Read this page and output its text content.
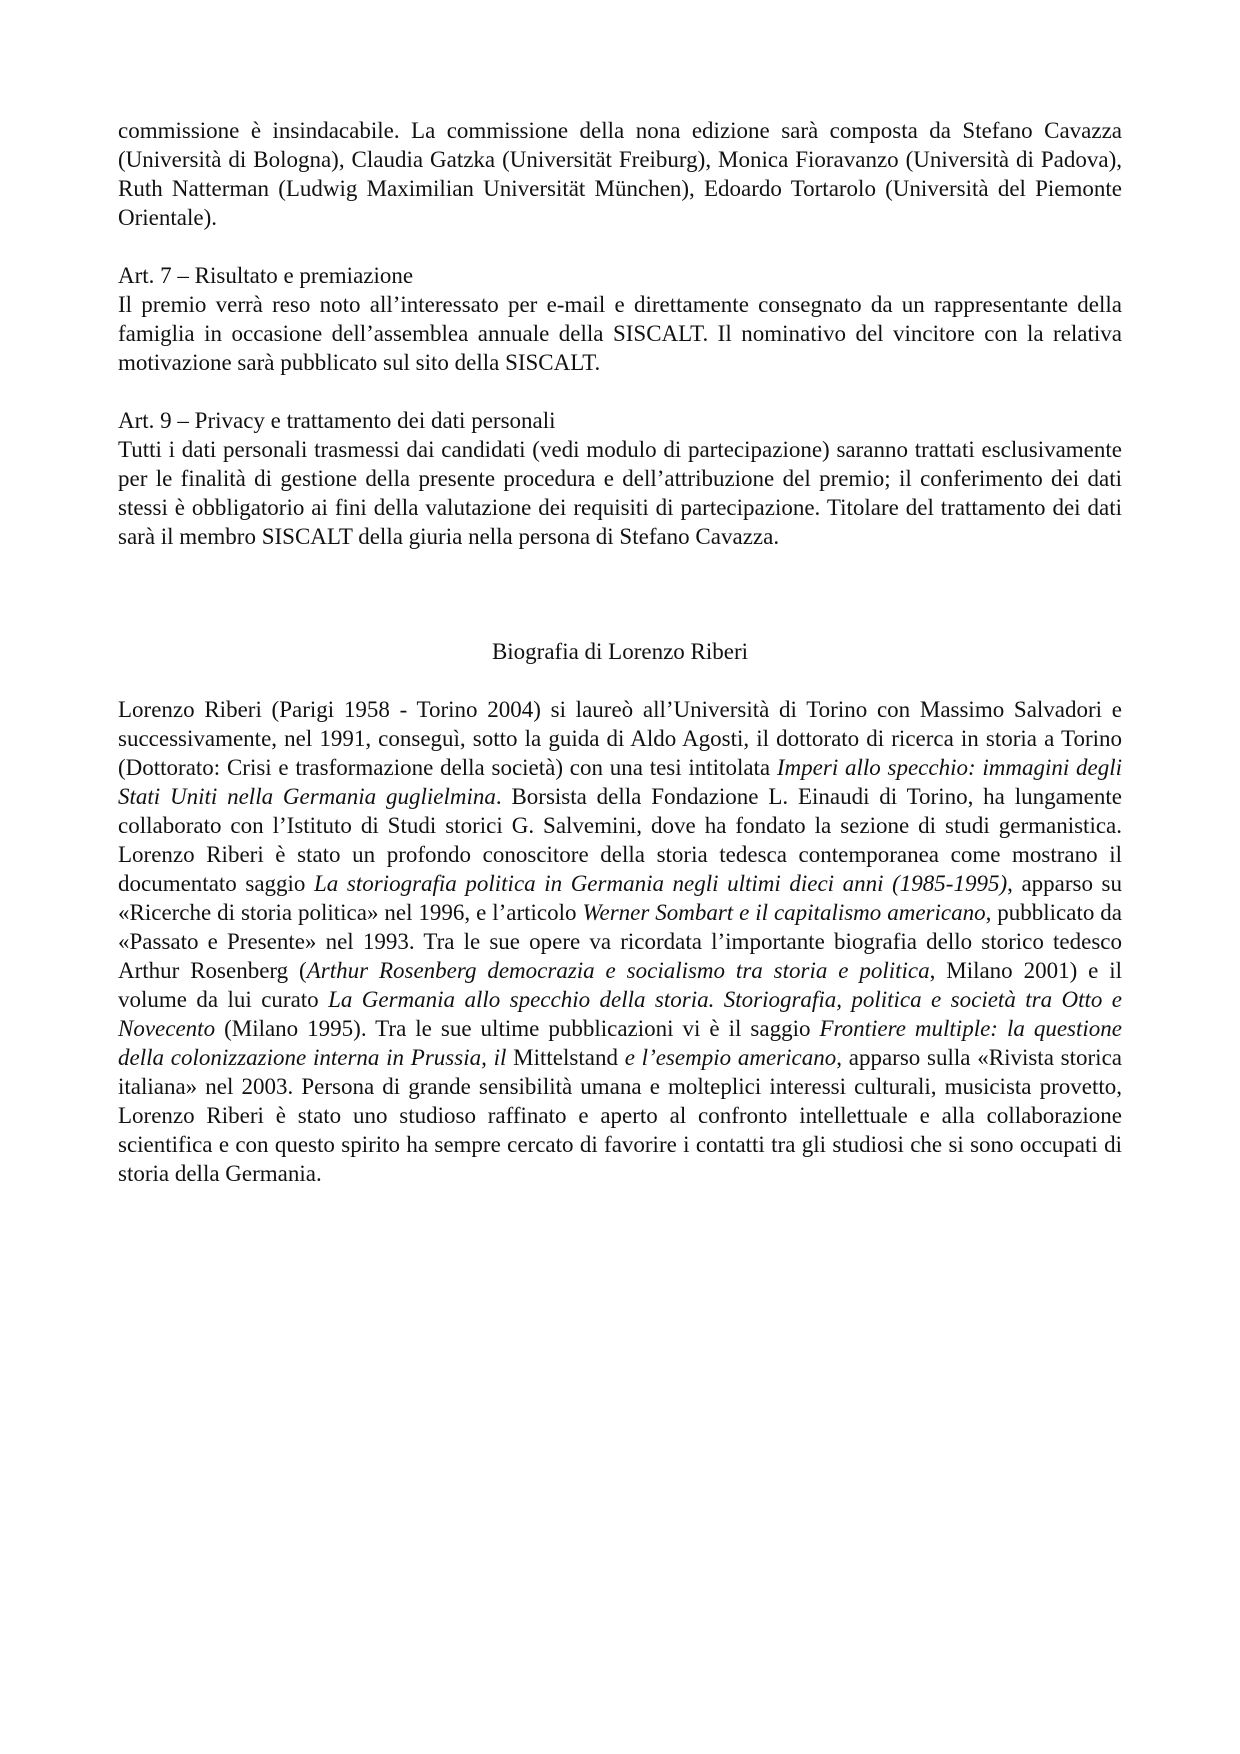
commissione è insindacabile. La commissione della nona edizione sarà composta da Stefano Cavazza (Università di Bologna), Claudia Gatzka (Universität Freiburg), Monica Fioravanzo (Università di Padova), Ruth Natterman (Ludwig Maximilian Universität München), Edoardo Tortarolo (Università del Piemonte Orientale).

Art. 7 – Risultato e premiazione

Il premio verrà reso noto all’interessato per e-mail e direttamente consegnato da un rappresentante della famiglia in occasione dell’assemblea annuale della SISCALT. Il nominativo del vincitore con la relativa motivazione sarà pubblicato sul sito della SISCALT.

Art. 9 – Privacy e trattamento dei dati personali

Tutti i dati personali trasmessi dai candidati (vedi modulo di partecipazione) saranno trattati esclusivamente per le finalità di gestione della presente procedura e dell’attribuzione del premio; il conferimento dei dati stessi è obbligatorio ai fini della valutazione dei requisiti di partecipazione. Titolare del trattamento dei dati sarà il membro SISCALT della giuria nella persona di Stefano Cavazza.

Biografia di Lorenzo Riberi

Lorenzo Riberi (Parigi 1958 - Torino 2004) si laureò all’Università di Torino con Massimo Salvadori e successivamente, nel 1991, conseguì, sotto la guida di Aldo Agosti, il dottorato di ricerca in storia a Torino (Dottorato: Crisi e trasformazione della società) con una tesi intitolata Imperi allo specchio: immagini degli Stati Uniti nella Germania guglielmina. Borsista della Fondazione L. Einaudi di Torino, ha lungamente collaborato con l’Istituto di Studi storici G. Salvemini, dove ha fondato la sezione di studi germanistica. Lorenzo Riberi è stato un profondo conoscitore della storia tedesca contemporanea come mostrano il documentato saggio La storiografia politica in Germania negli ultimi dieci anni (1985-1995), apparso su «Ricerche di storia politica» nel 1996, e l’articolo Werner Sombart e il capitalismo americano, pubblicato da «Passato e Presente» nel 1993. Tra le sue opere va ricordata l’importante biografia dello storico tedesco Arthur Rosenberg (Arthur Rosenberg democrazia e socialismo tra storia e politica, Milano 2001) e il volume da lui curato La Germania allo specchio della storia. Storiografia, politica e società tra Otto e Novecento (Milano 1995). Tra le sue ultime pubblicazioni vi è il saggio Frontiere multiple: la questione della colonizzazione interna in Prussia, il Mittelstand e l’esempio americano, apparso sulla «Rivista storica italiana» nel 2003. Persona di grande sensibilità umana e molteplici interessi culturali, musicista provetto, Lorenzo Riberi è stato uno studioso raffinato e aperto al confronto intellettuale e alla collaborazione scientifica e con questo spirito ha sempre cercato di favorire i contatti tra gli studiosi che si sono occupati di storia della Germania.
